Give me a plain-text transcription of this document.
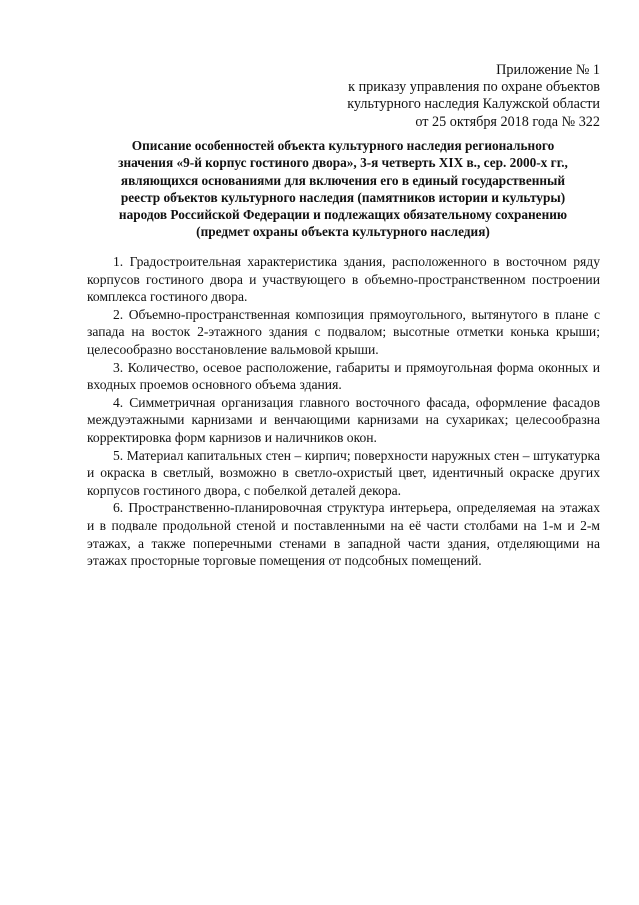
Приложение № 1
к приказу управления по охране объектов
культурного наследия Калужской области
от 25 октября 2018 года № 322
Описание особенностей объекта культурного наследия регионального
значения «9-й корпус гостиного двора», 3-я четверть XIX в., сер. 2000-х гг.,
являющихся основаниями для включения его в единый государственный
реестр объектов культурного наследия (памятников истории и культуры)
народов Российской Федерации и подлежащих обязательному сохранению
(предмет охраны объекта культурного наследия)

1. Градостроительная характеристика здания, расположенного в восточном ряду корпусов гостиного двора и участвующего в объемно-пространственном построении комплекса гостиного двора.

2. Объемно-пространственная композиция прямоугольного, вытянутого в плане с запада на восток 2-этажного здания с подвалом; высотные отметки конька крыши; целесообразно восстановление вальмовой крыши.

3. Количество, осевое расположение, габариты и прямоугольная форма оконных и входных проемов основного объема здания.

4. Симметричная организация главного восточного фасада, оформление фасадов междуэтажными карнизами и венчающими карнизами на сухариках; целесообразна корректировка форм карнизов и наличников окон.

5. Материал капитальных стен – кирпич; поверхности наружных стен – штукатурка и окраска в светлый, возможно в светло-охристый цвет, идентичный окраске других корпусов гостиного двора, с побелкой деталей декора.

6. Пространственно-планировочная структура интерьера, определяемая на этажах и в подвале продольной стеной и поставленными на её части столбами на 1-м и 2-м этажах, а также поперечными стенами в западной части здания, отделяющими на этажах просторные торговые помещения от подсобных помещений.
